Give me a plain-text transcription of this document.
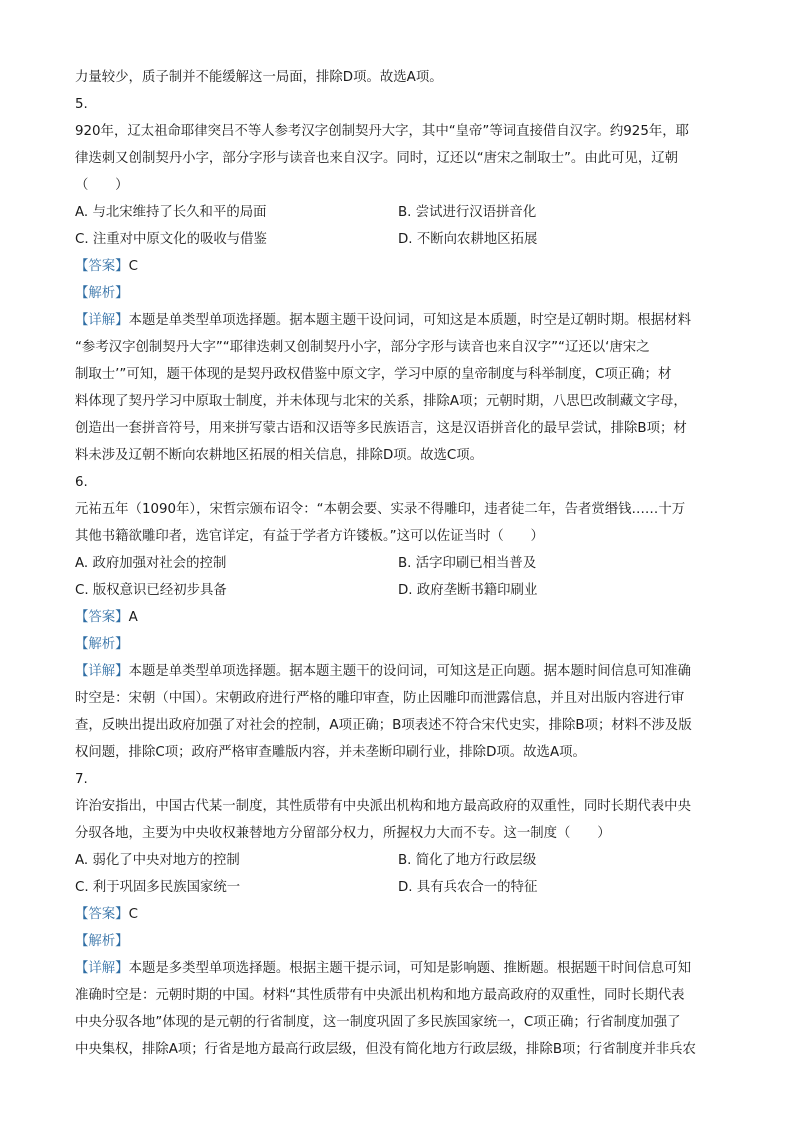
力量较少，质子制并不能缓解这一局面，排除D项。故选A项。
5.
920年，辽太祖命耶律突吕不等人参考汉字创制契丹大字，其中“皇帝”等词直接借自汉字。约925年，耶
律迭刺又创制契丹小字，部分字形与读音也来自汉字。同时，辽还以“唐宋之制取士”。由此可见，辽朝
（　　）
A. 与北宋维持了长久和平的局面	B. 尝试进行汉语拼音化
C. 注重对中原文化的吸收与借鉴	D. 不断向农耕地区拓展
【答案】C
【解析】
【详解】本题是单类型单项选择题。据本题主题干设问词，可知这是本质题，时空是辽朝时期。根据材料
“参考汉字创制契丹大字”“耶律迭刺又创制契丹小字，部分字形与读音也来自汉字”“辽还以‘唐宋之
制取士’”可知，题干体现的是契丹政权借鉴中原文字，学习中原的皇帝制度与科举制度，C项正确；材
料体现了契丹学习中原取士制度，并未体现与北宋的关系，排除A项；元朝时期，八思巴改制藏文字母，
创造出一套拼音符号，用来拼写蒙古语和汉语等多民族语言，这是汉语拼音化的最早尝试，排除B项；材
料未涉及辽朝不断向农耕地区拓展的相关信息，排除D项。故选C项。
6.
元祐五年（1090年），宋哲宗颁布诏令：“本朝会要、实录不得雕印，违者徒二年，告者赏缗钱……十万
其他书籍欲雕印者，选官详定，有益于学者方许镂板。”这可以佐证当时（　　）
A. 政府加强对社会的控制	B. 活字印刷已相当普及
C. 版权意识已经初步具备	D. 政府垄断书籍印刷业
【答案】A
【解析】
【详解】本题是单类型单项选择题。据本题主题干的设问词，可知这是正向题。据本题时间信息可知准确
时空是：宋朝（中国）。宋朝政府进行严格的雕印审查，防止因雕印而泄露信息，并且对出版内容进行审
查，反映出提出政府加强了对社会的控制，A项正确；B项表述不符合宋代史实，排除B项；材料不涉及版
权问题，排除C项；政府严格审查雕版内容，并未垄断印刷行业，排除D项。故选A项。
7.
许治安指出，中国古代某一制度，其性质带有中央派出机构和地方最高政府的双重性，同时长期代表中央
分驭各地，主要为中央收权兼替地方分留部分权力，所握权力大而不专。这一制度（　　）
A. 弱化了中央对地方的控制	B. 简化了地方行政层级
C. 利于巩固多民族国家统一	D. 具有兵农合一的特征
【答案】C
【解析】
【详解】本题是多类型单项选择题。根据主题干提示词，可知是影响题、推断题。根据题干时间信息可知
准确时空是：元朝时期的中国。材料“其性质带有中央派出机构和地方最高政府的双重性，同时长期代表
中央分驭各地”体现的是元朝的行省制度，这一制度巩固了多民族国家统一，C项正确；行省制度加强了
中央集权，排除A项；行省是地方最高行政层级，但没有简化地方行政层级，排除B项；行省制度并非兵农
